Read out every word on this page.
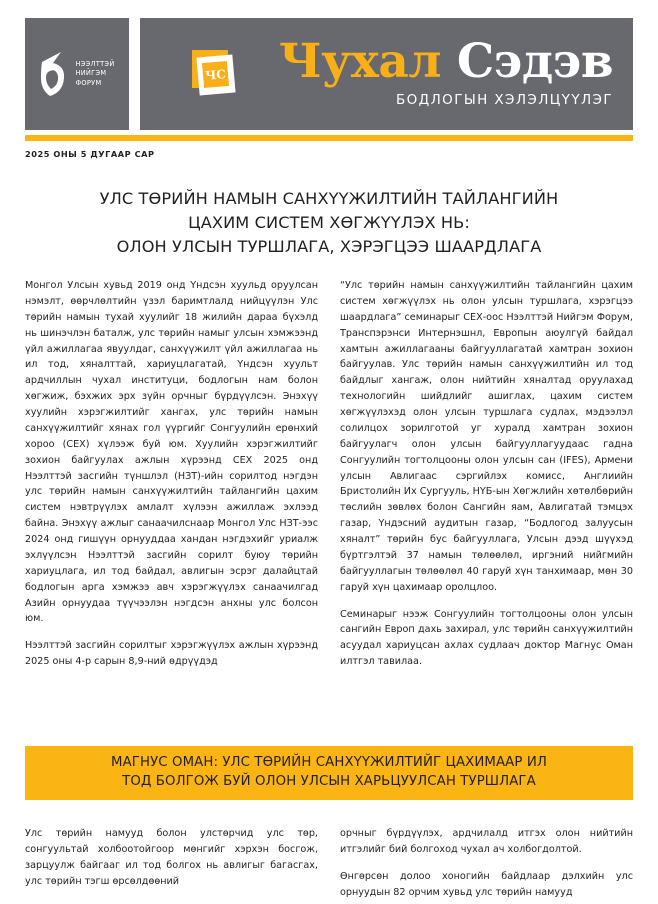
НЭЭЛТТЭЙ
НИЙГЭМ
ФОРУМ
ЧС Чухал Сэдэв
БОДЛОГЫН ХЭЛЭЛЦҮҮЛЭГ
2025 ОНЫ 5 ДУГААР САР
УЛС ТӨРИЙН НАМЫН САНХҮҮЖИЛТИЙН ТАЙЛАНГИЙН
ЦАХИМ СИСТЕМ ХӨГЖҮҮЛЭХ НЬ:
ОЛОН УЛСЫН ТУРШЛАГА, ХЭРЭГЦЭЭ ШААРДЛАГА

Монгол Улсын хувьд 2019 онд Үндсэн хуульд оруулсан нэмэлт, өөрчлөлтийн үзэл баримтлалд нийцүүлэн Улс төрийн намын тухай хуулийг 18 жилийн дараа бүхэлд нь шинэчлэн баталж, улс төрийн намыг улсын хэмжээнд үйл ажиллагаа явуулдаг, санхүүжилт үйл ажиллагаа нь ил тод, хяналттай, хариуцлагатай, Үндсэн хуульт ардчиллын чухал институци, бодлогын нам болон хөгжиж, бэхжих эрх зүйн орчныг бүрдүүлсэн. Энэхүү хуулийн хэрэгжилтийг хангах, улс төрийн намын санхүүжилтийг хянах гол үүргийг Сонгуулийн ерөнхий хороо (СЕХ) хүлээж буй юм. Хуулийн хэрэгжилтийг зохион байгуулах ажлын хүрээнд СЕХ 2025 онд Нээлттэй засгийн түншлэл (НЗТ)-ийн сорилтод нэгдэн улс төрийн намын санхүүжилтийн тайлангийн цахим систем нэвтрүүлэх амлалт хүлээн ажиллаж эхлээд байна. Энэхүү ажлыг санаачилснаар Монгол Улс НЗТ-ээс 2024 онд гишүүн орнууддаа хандан нэгдэхийг уриалж эхлүүлсэн Нээлттэй засгийн сорилт буюу төрийн хариуцлага, ил тод байдал, авлигын эсрэг далайцтай бодлогын арга хэмжээ авч хэрэгжүүлэх санаачилгад Азийн орнуудаа түүчээлэн нэгдсэн анхны улс болсон юм.

Нээлттэй засгийн сорилтыг хэрэгжүүлэх ажлын хүрээнд 2025 оны 4-р сарын 8,9-ний өдрүүдэд

“Улс төрийн намын санхүүжилтийн тайлангийн цахим систем хөгжүүлэх нь олон улсын туршлага, хэрэгцээ шаардлага” семинарыг СЕХ-оос Нээлттэй Нийгэм Форум, Транспэрэнси Интернэшнл, Европын аюулгүй байдал хамтын ажиллагааны байгууллагатай хамтран зохион байгуулав. Улс төрийн намын санхүүжилтийн ил тод байдлыг хангаж, олон нийтийн хяналтад оруулахад технологийн шийдлийг ашиглах, цахим систем хөгжүүлэхэд олон улсын туршлага судлах, мэдээлэл солилцох зорилготой уг хуралд хамтран зохион байгуулагч олон улсын байгууллагуудаас гадна Сонгуулийн тогтолцооны олон улсын сан (IFES), Армени улсын Авлигаас сэргийлэх комисс, Англиийн Бристолийн Их Сургууль, НҮБ-ын Хөгжлийн хөтөлбөрийн төслийн зөвлөх болон Сангийн яам, Авлигатай тэмцэх газар, Үндэсний аудитын газар, “Бодлогод залуусын хяналт” төрийн бус байгууллага, Улсын дээд шүүхэд бүртгэлтэй 37 намын төлөөлөл, иргэний нийгмийн байгууллагын төлөөлөл 40 гаруй хүн танхимаар, мөн 30 гаруй хүн цахимаар оролцлоо.

Семинарыг нээж Сонгуулийн тогтолцооны олон улсын сангийн Европ дахь захирал, улс төрийн санхүүжилтийн асуудал хариуцсан ахлах судлаач доктор Магнус Оман илтгэл тавилаа.

МАГНУС ОМАН: УЛС ТӨРИЙН САНХҮҮЖИЛТИЙГ ЦАХИМААР ИЛ
ТОД БОЛГОЖ БУЙ ОЛОН УЛСЫН ХАРЬЦУУЛСАН ТУРШЛАГА

Улс төрийн намууд болон улстөрчид улс төр, сонгуультай холбоотойгоор мөнгийг хэрхэн босгож, зарцуулж байгааг ил тод болгох нь авлигыг багасгах, улс төрийн тэгш өрсөлдөөний

орчныг бүрдүүлэх, ардчилалд итгэх олон нийтийн итгэлийг бий болгоход чухал ач холбогдолтой.

Өнгөрсөн долоо хоногийн байдлаар дэлхийн улс орнуудын 82 орчим хувьд улс төрийн намууд
